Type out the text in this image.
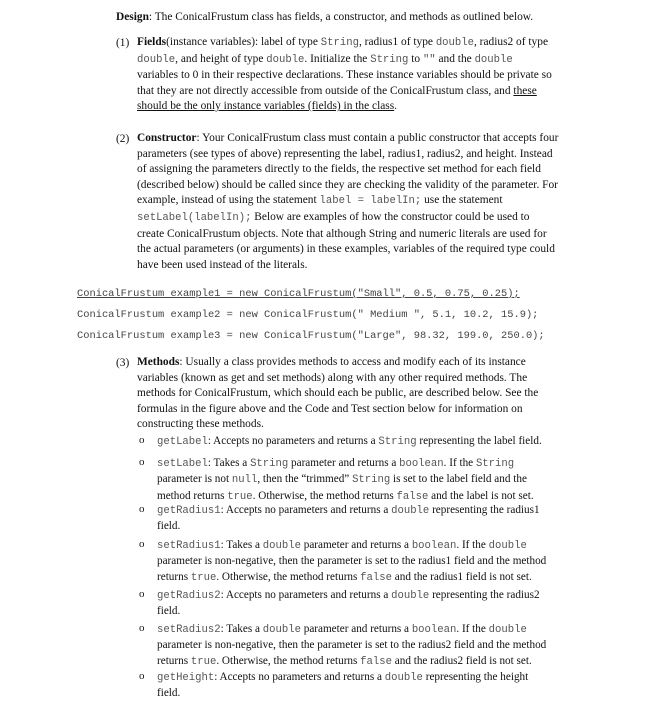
Design: The ConicalFrustum class has fields, a constructor, and methods as outlined below.
(1) Fields(instance variables): label of type String, radius1 of type double, radius2 of type
double, and height of type double. Initialize the String to "" and the double
variables to 0 in their respective declarations. These instance variables should be private so
that they are not directly accessible from outside of the ConicalFrustum class, and these
should be the only instance variables (fields) in the class.
(2) Constructor: Your ConicalFrustum class must contain a public constructor that accepts four
parameters (see types of above) representing the label, radius1, radius2, and height. Instead
of assigning the parameters directly to the fields, the respective set method for each field
(described below) should be called since they are checking the validity of the parameter. For
example, instead of using the statement label = labelIn; use the statement
setLabel(labelIn); Below are examples of how the constructor could be used to
create ConicalFrustum objects. Note that although String and numeric literals are used for
the actual parameters (or arguments) in these examples, variables of the required type could
have been used instead of the literals.
ConicalFrustum example1 = new ConicalFrustum("Small", 0.5, 0.75, 0.25);
ConicalFrustum example2 = new ConicalFrustum(" Medium ", 5.1, 10.2, 15.9);
ConicalFrustum example3 = new ConicalFrustum("Large", 98.32, 199.0, 250.0);
(3) Methods: Usually a class provides methods to access and modify each of its instance
variables (known as get and set methods) along with any other required methods. The
methods for ConicalFrustum, which should each be public, are described below. See the
formulas in the figure above and the Code and Test section below for information on
constructing these methods.
o getLabel: Accepts no parameters and returns a String representing the label field.
o setLabel: Takes a String parameter and returns a boolean. If the String
parameter is not null, then the “trimmed” String is set to the label field and the
method returns true. Otherwise, the method returns false and the label is not set.
o getRadius1: Accepts no parameters and returns a double representing the radius1
field.
o setRadius1: Takes a double parameter and returns a boolean. If the double
parameter is non-negative, then the parameter is set to the radius1 field and the method
returns true. Otherwise, the method returns false and the radius1 field is not set.
o getRadius2: Accepts no parameters and returns a double representing the radius2
field.
o setRadius2: Takes a double parameter and returns a boolean. If the double
parameter is non-negative, then the parameter is set to the radius2 field and the method
returns true. Otherwise, the method returns false and the radius2 field is not set.
o getHeight: Accepts no parameters and returns a double representing the height
field.
